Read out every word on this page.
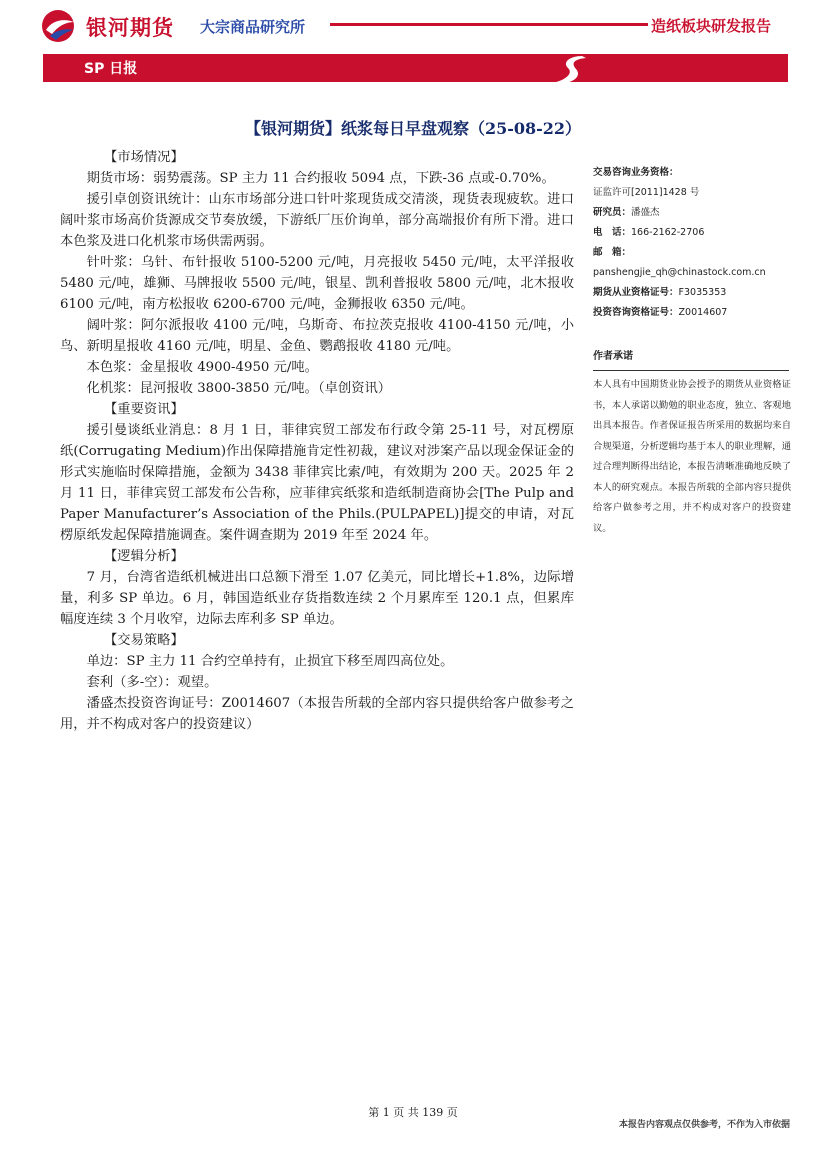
银河期货 大宗商品研究所	造纸板块研发报告
SP 日报
【银河期货】纸浆每日早盘观察（25-08-22）

【市场情况】

期货市场：弱势震荡。SP 主力 11 合约报收 5094 点，下跌-36 点或-0.70%。

援引卓创资讯统计：山东市场部分进口针叶浆现货成交清淡，现货表现疲软。进口阔叶浆市场高价货源成交节奏放缓，下游纸厂压价询单，部分高端报价有所下滑。进口本色浆及进口化机浆市场供需两弱。

针叶浆：乌针、布针报收 5100-5200 元/吨，月亮报收 5450 元/吨，太平洋报收 5480 元/吨，雄狮、马牌报收 5500 元/吨，银星、凯利普报收 5800 元/吨，北木报收 6100 元/吨，南方松报收 6200-6700 元/吨，金狮报收 6350 元/吨。

阔叶浆：阿尔派报收 4100 元/吨，乌斯奇、布拉茨克报收 4100-4150 元/吨，小鸟、新明星报收 4160 元/吨，明星、金鱼、鹦鹉报收 4180 元/吨。

本色浆：金星报收 4900-4950 元/吨。

化机浆：昆河报收 3800-3850 元/吨。（卓创资讯）

【重要资讯】

援引曼谈纸业消息：8 月 1 日，菲律宾贸工部发布行政令第 25-11 号，对瓦楞原纸(Corrugating Medium)作出保障措施肯定性初裁，建议对涉案产品以现金保证金的形式实施临时保障措施，金额为 3438 菲律宾比索/吨，有效期为 200 天。2025 年 2 月 11 日，菲律宾贸工部发布公告称，应菲律宾纸浆和造纸制造商协会[The Pulp and Paper Manufacturer’s Association of the Phils.(PULPAPEL)]提交的申请，对瓦楞原纸发起保障措施调查。案件调查期为 2019 年至 2024 年。

【逻辑分析】

7 月，台湾省造纸机械进出口总额下滑至 1.07 亿美元，同比增长+1.8%，边际增量，利多 SP 单边。6 月，韩国造纸业存货指数连续 2 个月累库至 120.1 点，但累库幅度连续 3 个月收窄，边际去库利多 SP 单边。

【交易策略】

单边：SP 主力 11 合约空单持有，止损宜下移至周四高位处。

套利（多-空）：观望。

潘盛杰投资咨询证号：Z0014607（本报告所载的全部内容只提供给客户做参考之用，并不构成对客户的投资建议）

交易咨询业务资格：
证监许可[2011]1428 号
研究员：潘盛杰
电　话：166-2162-2706
邮　箱：
panshengjie_qh@chinastock.com.cn
期货从业资格证号：F3035353
投资咨询资格证号：Z0014607
作者承诺
本人具有中国期货业协会授予的期货从业资格证书，本人承诺以勤勉的职业态度，独立、客观地出具本报告。作者保证报告所采用的数据均来自合规渠道，分析逻辑均基于本人的职业理解，通过合理判断得出结论，本报告清晰准确地反映了本人的研究观点。本报告所载的全部内容只提供给客户做参考之用，并不构成对客户的投资建议。
第 1 页 共 139 页
本报告内容观点仅供参考，不作为入市依据
